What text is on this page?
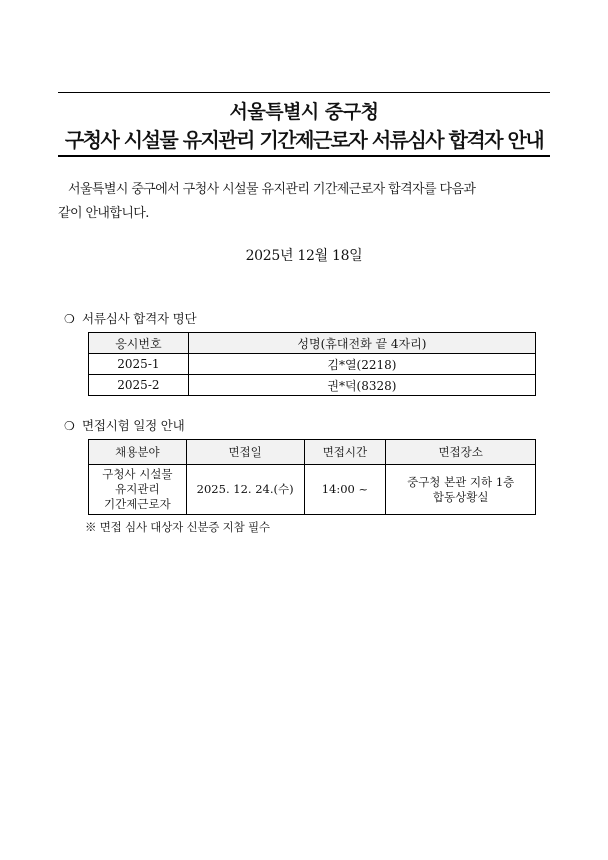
서울특별시 중구청
구청사 시설물 유지관리 기간제근로자 서류심사 합격자 안내
서울특별시 중구에서 구청사 시설물 유지관리 기간제근로자 합격자를 다음과
같이 안내합니다.
2025년 12월 18일
❍ 서류심사 합격자 명단
응시번호	성명(휴대전화 끝 4자리)
2025-1	김*열(2218)
2025-2	권*덕(8328)
❍ 면접시험 일정 안내
채용분야	면접일	면접시간	면접장소
구청사 시설물
유지관리
기간제근로자	2025. 12. 24.(수)	14:00 ~	중구청 본관 지하 1층
합동상황실
※ 면접 심사 대상자 신분증 지참 필수
